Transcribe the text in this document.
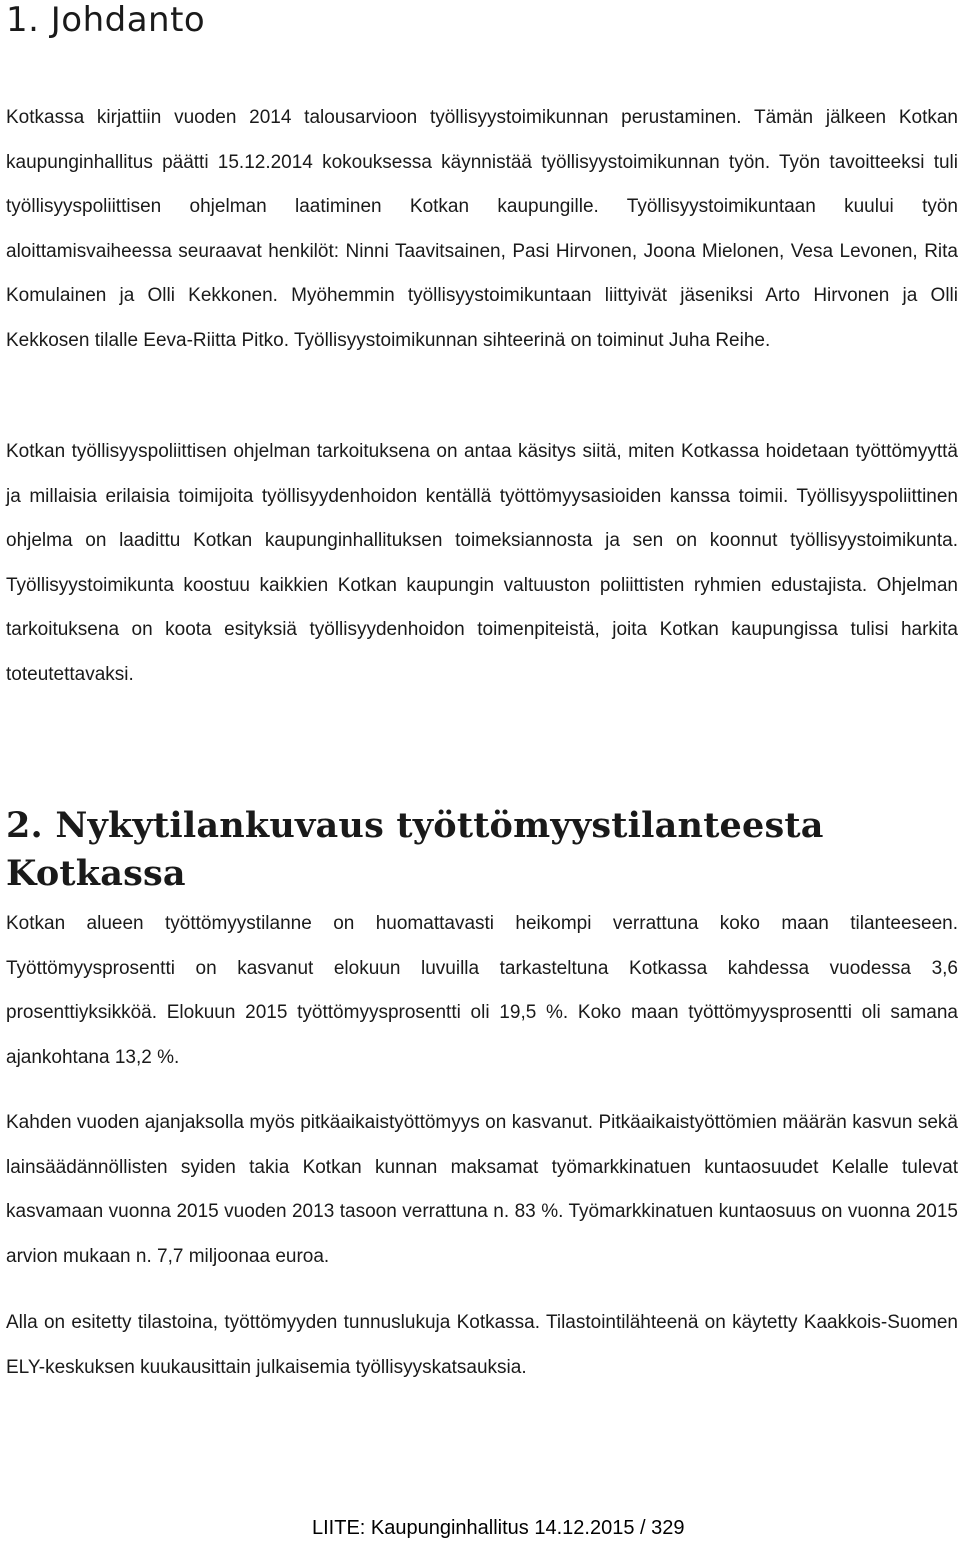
1. Johdanto

Kotkassa kirjattiin vuoden 2014 talousarvioon työllisyystoimikunnan perustaminen. Tämän jälkeen Kotkan kaupunginhallitus päätti 15.12.2014 kokouksessa käynnistää työllisyystoimikunnan työn. Työn tavoitteeksi tuli työllisyyspoliittisen ohjelman laatiminen Kotkan kaupungille. Työllisyystoimikuntaan kuului työn aloittamisvaiheessa seuraavat henkilöt: Ninni Taavitsainen, Pasi Hirvonen, Joona Mielonen, Vesa Levonen, Rita Komulainen ja Olli Kekkonen. Myöhemmin työllisyystoimikuntaan liittyivät jäseniksi Arto Hirvonen ja Olli Kekkosen tilalle Eeva-Riitta Pitko. Työllisyystoimikunnan sihteerinä on toiminut Juha Reihe.

Kotkan työllisyyspoliittisen ohjelman tarkoituksena on antaa käsitys siitä, miten Kotkassa hoidetaan työttömyyttä ja millaisia erilaisia toimijoita työllisyydenhoidon kentällä työttömyysasioiden kanssa toimii. Työllisyyspoliittinen ohjelma on laadittu Kotkan kaupunginhallituksen toimeksiannosta ja sen on koonnut työllisyystoimikunta. Työllisyystoimikunta koostuu kaikkien Kotkan kaupungin valtuuston poliittisten ryhmien edustajista. Ohjelman tarkoituksena on koota esityksiä työllisyydenhoidon toimenpiteistä, joita Kotkan kaupungissa tulisi harkita toteutettavaksi.

2. Nykytilankuvaus työttömyystilanteesta Kotkassa

Kotkan alueen työttömyystilanne on huomattavasti heikompi verrattuna koko maan tilanteeseen. Työttömyysprosentti on kasvanut elokuun luvuilla tarkasteltuna Kotkassa kahdessa vuodessa 3,6 prosenttiyksikköä. Elokuun 2015 työttömyysprosentti oli 19,5 %. Koko maan työttömyysprosentti oli samana ajankohtana 13,2 %.

Kahden vuoden ajanjaksolla myös pitkäaikaistyöttömyys on kasvanut. Pitkäaikaistyöttömien määrän kasvun sekä lainsäädännöllisten syiden takia Kotkan kunnan maksamat työmarkkinatuen kuntaosuudet Kelalle tulevat kasvamaan vuonna 2015 vuoden 2013 tasoon verrattuna n. 83 %. Työmarkkinatuen kuntaosuus on vuonna 2015 arvion mukaan n. 7,7 miljoonaa euroa.

Alla on esitetty tilastoina, työttömyyden tunnuslukuja Kotkassa. Tilastointilähteenä on käytetty Kaakkois-Suomen ELY-keskuksen kuukausittain julkaisemia työllisyyskatsauksia.

LIITE: Kaupunginhallitus 14.12.2015 / 329
